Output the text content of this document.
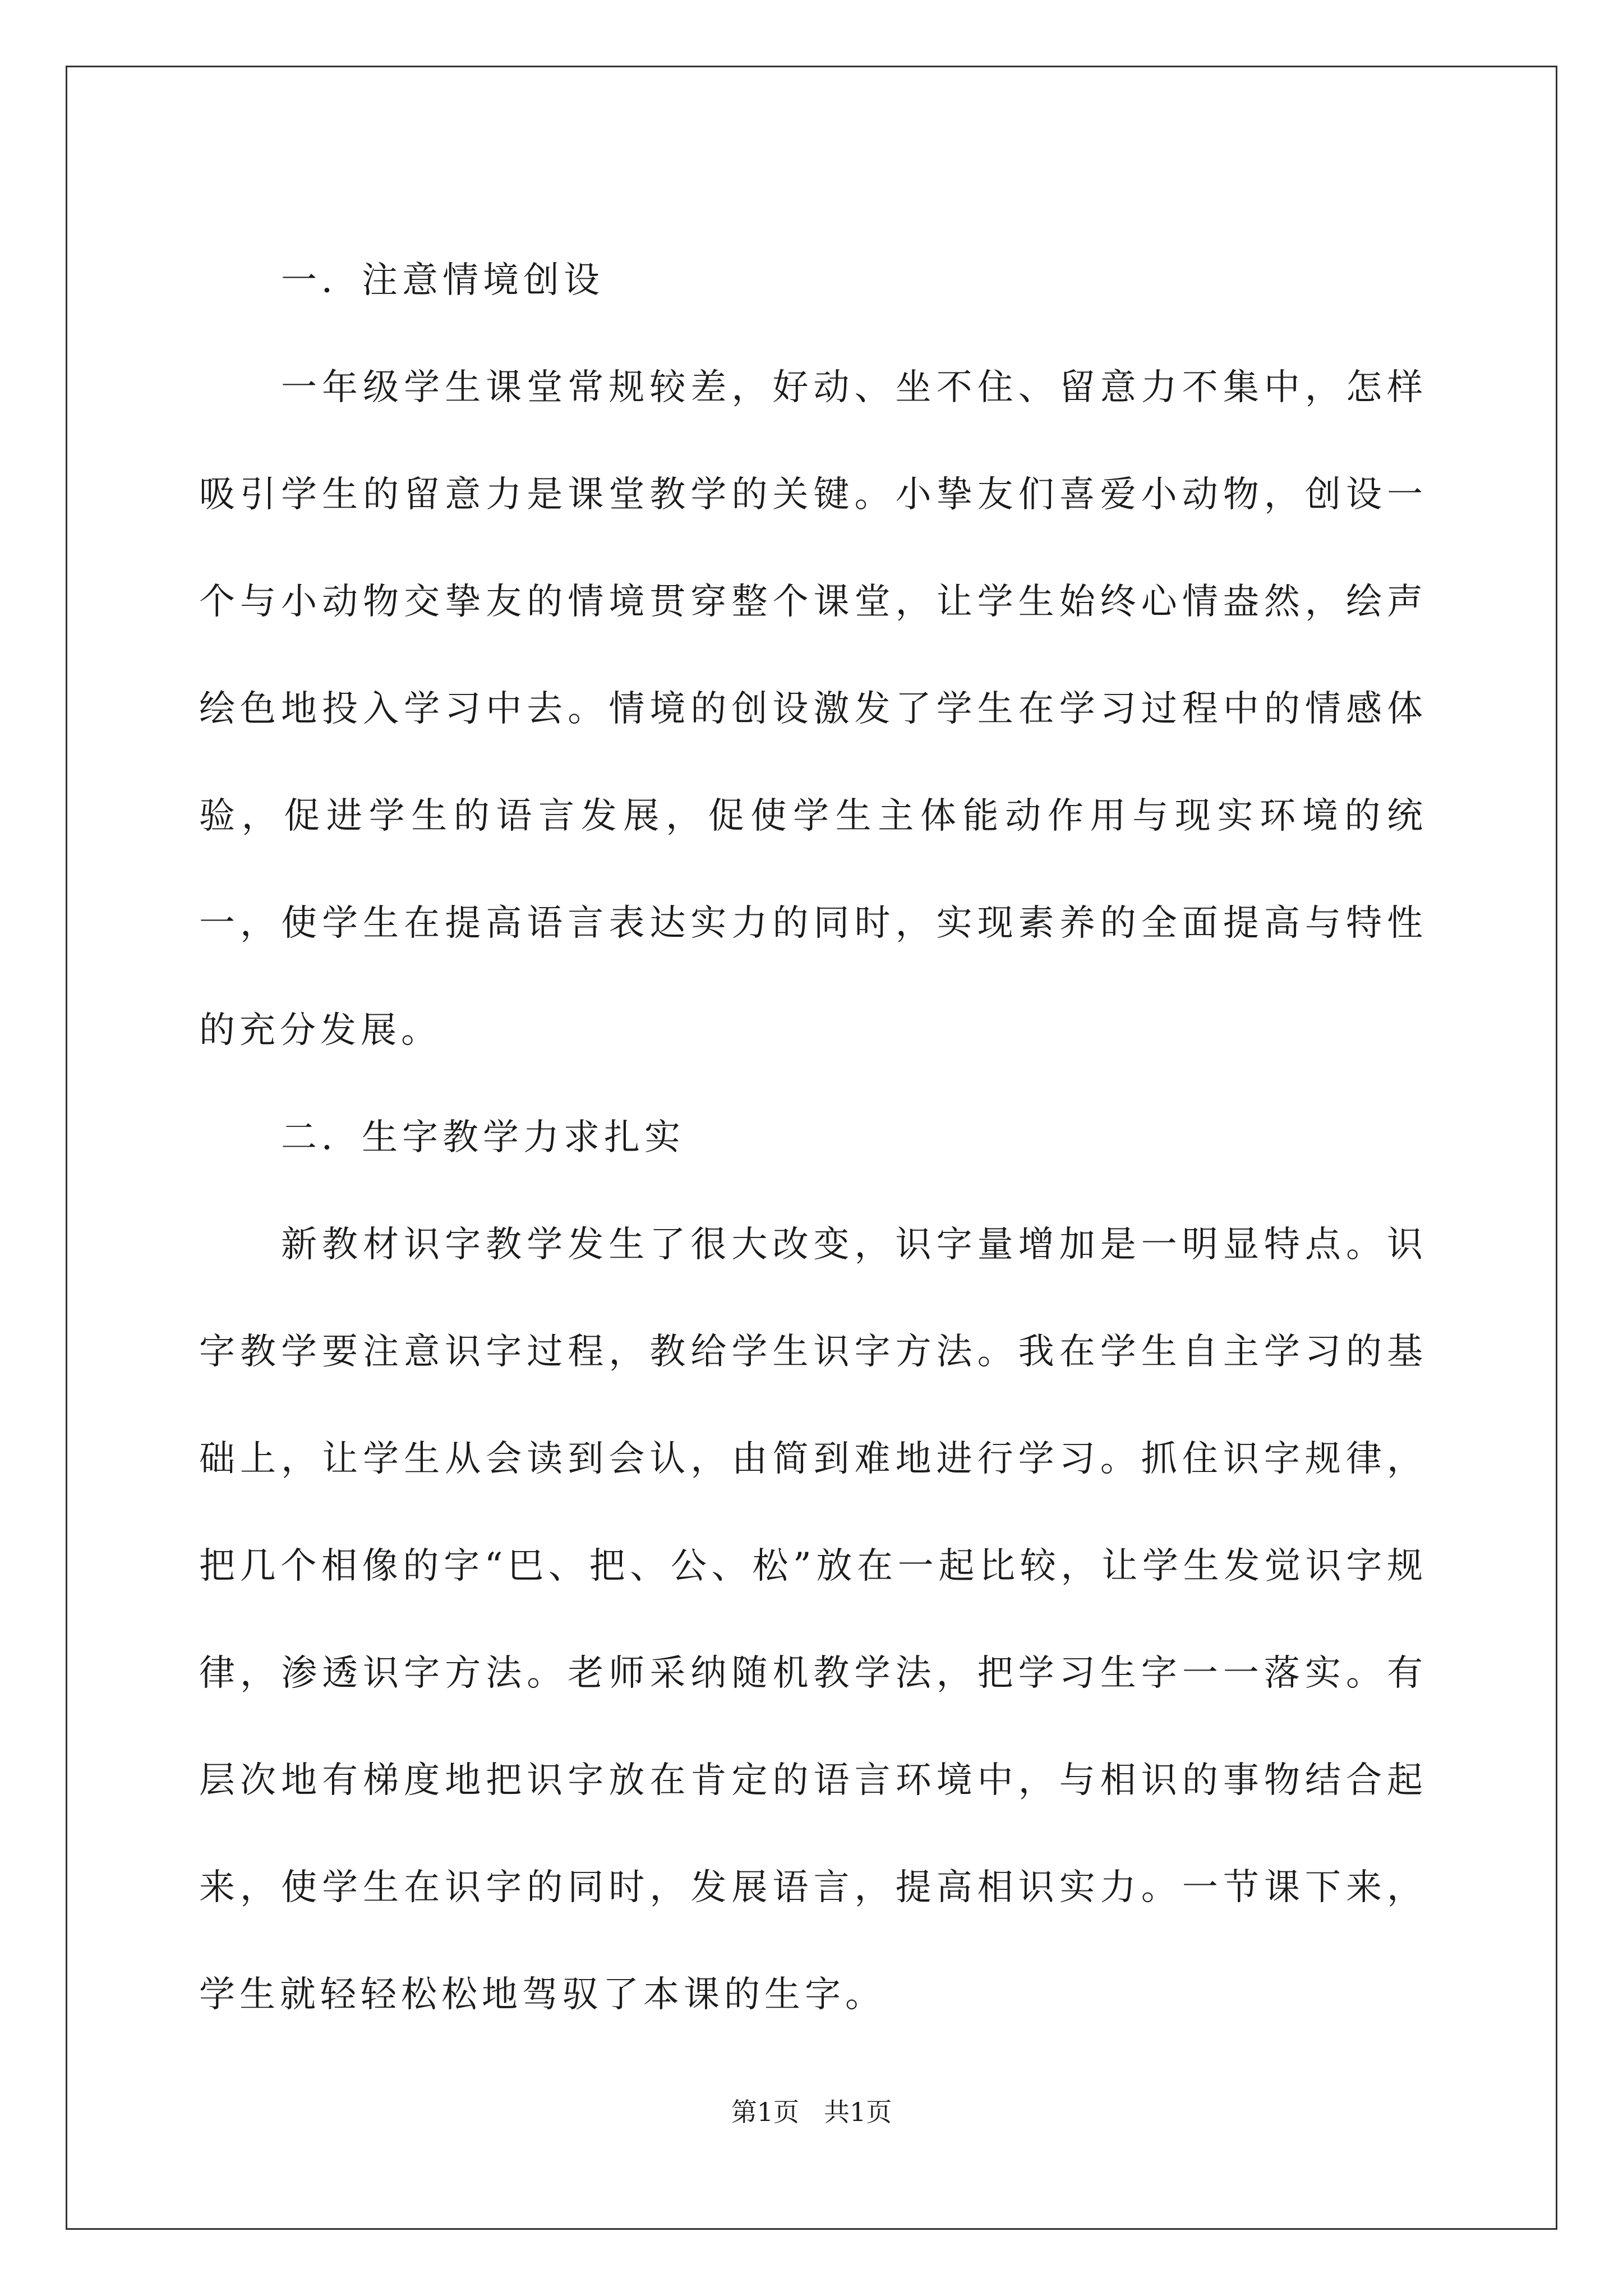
一．注意情境创设

一年级学生课堂常规较差，好动、坐不住、留意力不集中，怎样吸引学生的留意力是课堂教学的关键。小挚友们喜爱小动物，创设一个与小动物交挚友的情境贯穿整个课堂，让学生始终心情盎然，绘声绘色地投入学习中去。情境的创设激发了学生在学习过程中的情感体验，促进学生的语言发展，促使学生主体能动作用与现实环境的统一，使学生在提高语言表达实力的同时，实现素养的全面提高与特性的充分发展。

二．生字教学力求扎实

新教材识字教学发生了很大改变，识字量增加是一明显特点。识字教学要注意识字过程，教给学生识字方法。我在学生自主学习的基础上，让学生从会读到会认，由简到难地进行学习。抓住识字规律，把几个相像的字“巴、把、公、松”放在一起比较，让学生发觉识字规律，渗透识字方法。老师采纳随机教学法，把学习生字一一落实。有层次地有梯度地把识字放在肯定的语言环境中，与相识的事物结合起来，使学生在识字的同时，发展语言，提高相识实力。一节课下来，学生就轻轻松松地驾驭了本课的生字。

第1页 共1页
